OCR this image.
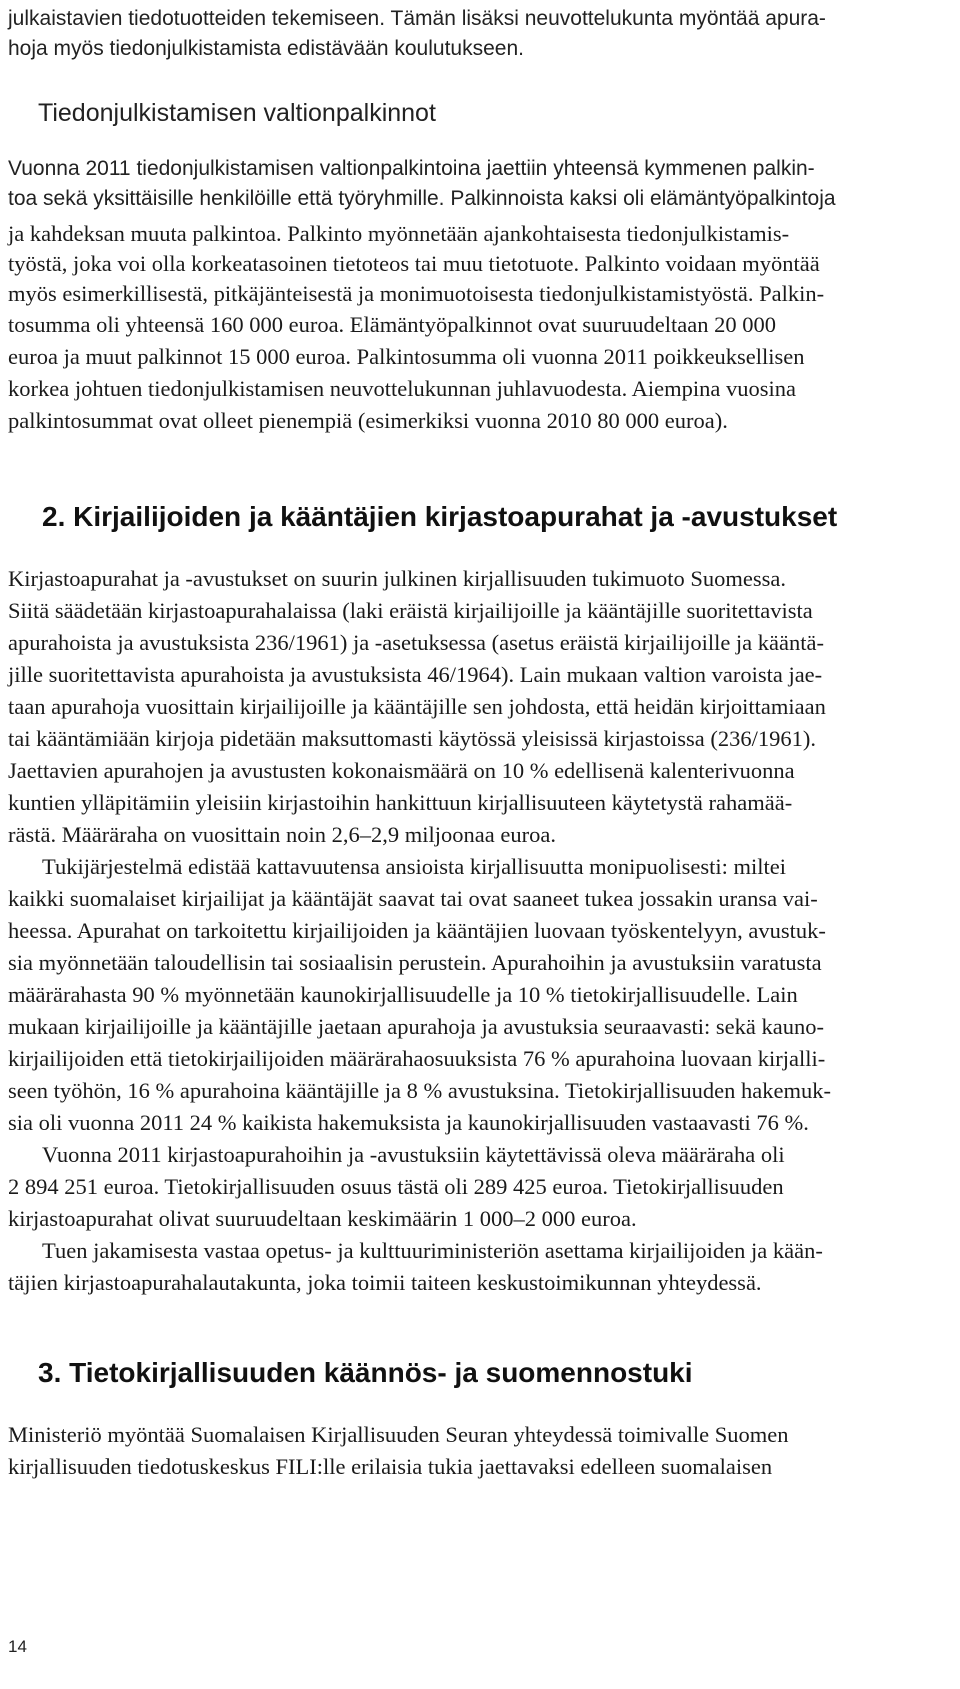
julkaistavien tiedotuotteiden tekemiseen. Tämän lisäksi neuvottelukunta myöntää apura-
hoja myös tiedonjulkistamista edistävään koulutukseen.
Tiedonjulkistamisen valtionpalkinnot
Vuonna 2011 tiedonjulkistamisen valtionpalkintoina jaettiin yhteensä kymmenen palkin-
toa sekä yksittäisille henkilöille että työryhmille. Palkinnoista kaksi oli elämäntyöpalkintoja
ja kahdeksan muuta palkintoa. Palkinto myönnetään ajankohtaisesta tiedonjulkistamis-
työstä, joka voi olla korkeatasoinen tietoteos tai muu tietotuote. Palkinto voidaan myöntää
myös esimerkillisestä, pitkäjänteisestä ja monimuotoisesta tiedonjulkistamistyöstä. Palkin-
tosumma oli yhteensä 160 000 euroa. Elämäntyöpalkinnot ovat suuruudeltaan 20 000
euroa ja muut palkinnot 15 000 euroa. Palkintosumma oli vuonna 2011 poikkeuksellisen
korkea johtuen tiedonjulkistamisen neuvottelukunnan juhlavuodesta. Aiempina vuosina
palkintosummat ovat olleet pienempiä (esimerkiksi vuonna 2010 80 000 euroa).
2. Kirjailijoiden ja kääntäjien kirjastoapurahat ja -avustukset
Kirjastoapurahat ja -avustukset on suurin julkinen kirjallisuuden tukimuoto Suomessa.
Siitä säädetään kirjastoapurahalaissa (laki eräistä kirjailijoille ja kääntäjille suoritettavista
apurahoista ja avustuksista 236/1961) ja -asetuksessa (asetus eräistä kirjailijoille ja kääntä-
jille suoritettavista apurahoista ja avustuksista 46/1964). Lain mukaan valtion varoista jae-
taan apurahoja vuosittain kirjailijoille ja kääntäjille sen johdosta, että heidän kirjoittamiaan
tai kääntämiään kirjoja pidetään maksuttomasti käytössä yleisissä kirjastoissa (236/1961).
Jaettavien apurahojen ja avustusten kokonaismäärä on 10 % edellisenä kalenterivuonna
kuntien ylläpitämiin yleisiin kirjastoihin hankittuun kirjallisuuteen käytetystä rahamää-
rästä. Määräraha on vuosittain noin 2,6–2,9 miljoonaa euroa.
Tukijärjestelmä edistää kattavuutensa ansioista kirjallisuutta monipuolisesti: miltei
kaikki suomalaiset kirjailijat ja kääntäjät saavat tai ovat saaneet tukea jossakin uransa vai-
heessa. Apurahat on tarkoitettu kirjailijoiden ja kääntäjien luovaan työskentelyyn, avustuk-
sia myönnetään taloudellisin tai sosiaalisin perustein. Apurahoihin ja avustuksiin varatusta
määrärahasta 90 % myönnetään kaunokirjallisuudelle ja 10 % tietokirjallisuudelle. Lain
mukaan kirjailijoille ja kääntäjille jaetaan apurahoja ja avustuksia seuraavasti: sekä kauno-
kirjailijoiden että tietokirjailijoiden määrärahaosuuksista 76 % apurahoina luovaan kirjalli-
seen työhön, 16 % apurahoina kääntäjille ja 8 % avustuksina. Tietokirjallisuuden hakemuk-
sia oli vuonna 2011 24 % kaikista hakemuksista ja kaunokirjallisuuden vastaavasti 76 %.
Vuonna 2011 kirjastoapurahoihin ja -avustuksiin käytettävissä oleva määräraha oli
2 894 251 euroa. Tietokirjallisuuden osuus tästä oli 289 425 euroa. Tietokirjallisuuden
kirjastoapurahat olivat suuruudeltaan keskimäärin 1 000–2 000 euroa.
Tuen jakamisesta vastaa opetus- ja kulttuuriministeriön asettama kirjailijoiden ja kään-
täjien kirjastoapurahalautakunta, joka toimii taiteen keskustoimikunnan yhteydessä.
3. Tietokirjallisuuden käännös- ja suomennostuki
Ministeriö myöntää Suomalaisen Kirjallisuuden Seuran yhteydessä toimivalle Suomen
kirjallisuuden tiedotuskeskus FILI:lle erilaisia tukia jaettavaksi edelleen suomalaisen
14
